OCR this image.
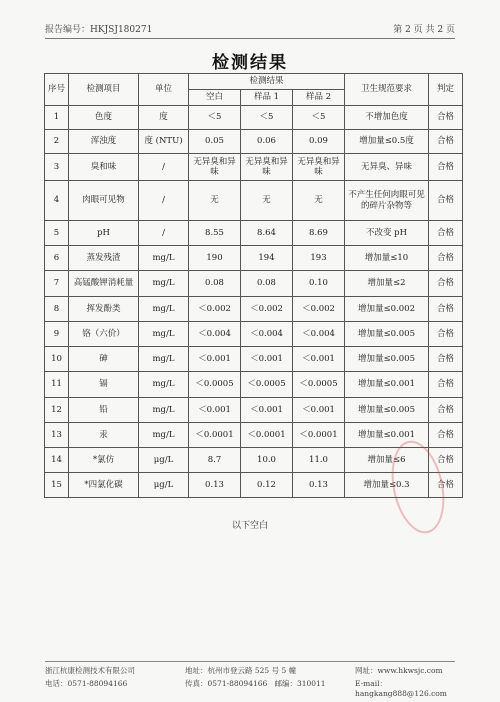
报告编号：HKJSJ180271	第 2 页 共 2 页
检测结果
序号	检测项目	单位	检测结果			卫生规范要求	判定
			空白	样品 1	样品 2		
1	色度	度	＜5	＜5	＜5	不增加色度	合格
2	浑浊度	度 (NTU)	0.05	0.06	0.09	增加量≤0.5度	合格
3	臭和味	/	无异臭和异味	无异臭和异味	无异臭和异味	无异臭、异味	合格
4	肉眼可见物	/	无	无	无	不产生任何肉眼可见的碎片杂物等	合格
5	pH	/	8.55	8.64	8.69	不改变 pH	合格
6	蒸发残渣	mg/L	190	194	193	增加量≤10	合格
7	高锰酸钾消耗量	mg/L	0.08	0.08	0.10	增加量≤2	合格
8	挥发酚类	mg/L	＜0.002	＜0.002	＜0.002	增加量≤0.002	合格
9	铬（六价）	mg/L	＜0.004	＜0.004	＜0.004	增加量≤0.005	合格
10	砷	mg/L	＜0.001	＜0.001	＜0.001	增加量≤0.005	合格
11	镉	mg/L	＜0.0005	＜0.0005	＜0.0005	增加量≤0.001	合格
12	铅	mg/L	＜0.001	＜0.001	＜0.001	增加量≤0.005	合格
13	汞	mg/L	＜0.0001	＜0.0001	＜0.0001	增加量≤0.001	合格
14	*氯仿	μg/L	8.7	10.0	11.0	增加量≤6	合格
15	*四氯化碳	μg/L	0.13	0.12	0.13	增加量≤0.3	合格
以下空白
浙江杭康检测技术有限公司	地址：杭州市登云路 525 号 5 幢	网址：www.hkwsjc.com
电话：0571-88094166	传真：0571-88094166 邮编：310011	E-mail：hangkang888@126.com
